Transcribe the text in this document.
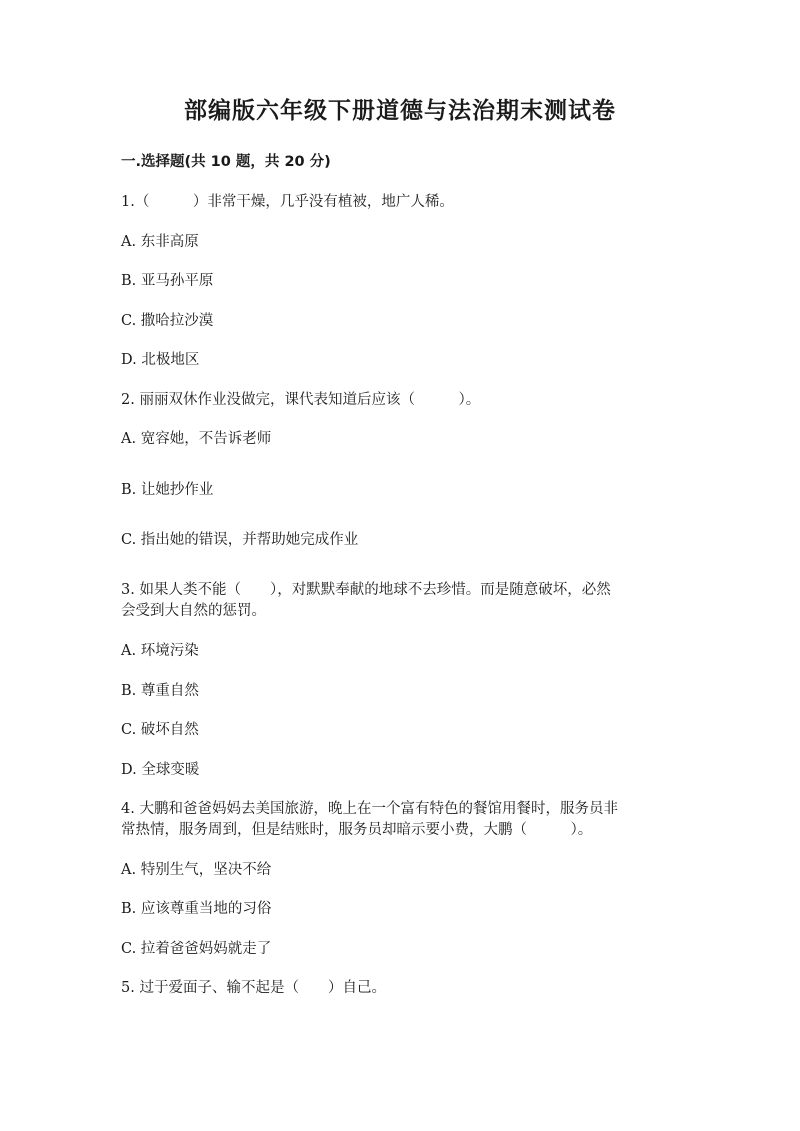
部编版六年级下册道德与法治期末测试卷
一.选择题(共 10 题，共 20 分)
1.（　　　）非常干燥，几乎没有植被，地广人稀。
A. 东非高原
B. 亚马孙平原
C. 撒哈拉沙漠
D. 北极地区
2. 丽丽双休作业没做完，课代表知道后应该（　　　）。
A. 宽容她，不告诉老师
B. 让她抄作业
C. 指出她的错误，并帮助她完成作业
3. 如果人类不能（　　），对默默奉献的地球不去珍惜。而是随意破坏，必然
会受到大自然的惩罚。
A. 环境污染
B. 尊重自然
C. 破坏自然
D. 全球变暖
4. 大鹏和爸爸妈妈去美国旅游，晚上在一个富有特色的餐馆用餐时，服务员非
常热情，服务周到，但是结账时，服务员却暗示要小费，大鹏（　　　）。
A. 特别生气，坚决不给
B. 应该尊重当地的习俗
C. 拉着爸爸妈妈就走了
5. 过于爱面子、输不起是（　　）自己。
